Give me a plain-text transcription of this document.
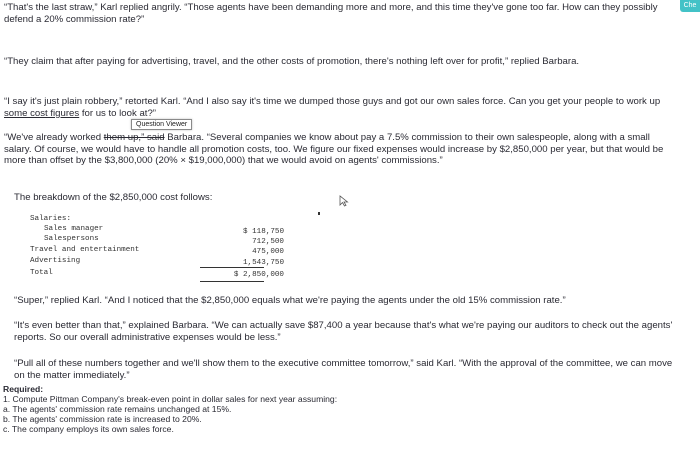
“That's the last straw,” Karl replied angrily. “Those agents have been demanding more and more, and this time they've gone too far. How can they possibly defend a 20% commission rate?”

“They claim that after paying for advertising, travel, and the other costs of promotion, there's nothing left over for profit,” replied Barbara.

“I say it's just plain robbery,” retorted Karl. “And I also say it's time we dumped those guys and got our own sales force. Can you get your people to work up some cost figures for us to look at?”

Question Viewer

“We've already worked them up,” said Barbara. “Several companies we know about pay a 7.5% commission to their own salespeople, along with a small salary. Of course, we would have to handle all promotion costs, too. We figure our fixed expenses would increase by $2,850,000 per year, but that would be more than offset by the $3,800,000 (20% × $19,000,000) that we would avoid on agents' commissions.”

The breakdown of the $2,850,000 cost follows:

Salaries:
Sales manager	$ 118,750
Salespersons	712,500
Travel and entertainment	475,000
Advertising	1,543,750
Total	$ 2,850,000

“Super,” replied Karl. “And I noticed that the $2,850,000 equals what we're paying the agents under the old 15% commission rate.”

“It's even better than that,” explained Barbara. “We can actually save $87,400 a year because that's what we're paying our auditors to check out the agents' reports. So our overall administrative expenses would be less.”

“Pull all of these numbers together and we'll show them to the executive committee tomorrow,” said Karl. “With the approval of the committee, we can move on the matter immediately.”

Required:
1. Compute Pittman Company's break-even point in dollar sales for next year assuming:
a. The agents' commission rate remains unchanged at 15%.
b. The agents' commission rate is increased to 20%.
c. The company employs its own sales force.
Che
